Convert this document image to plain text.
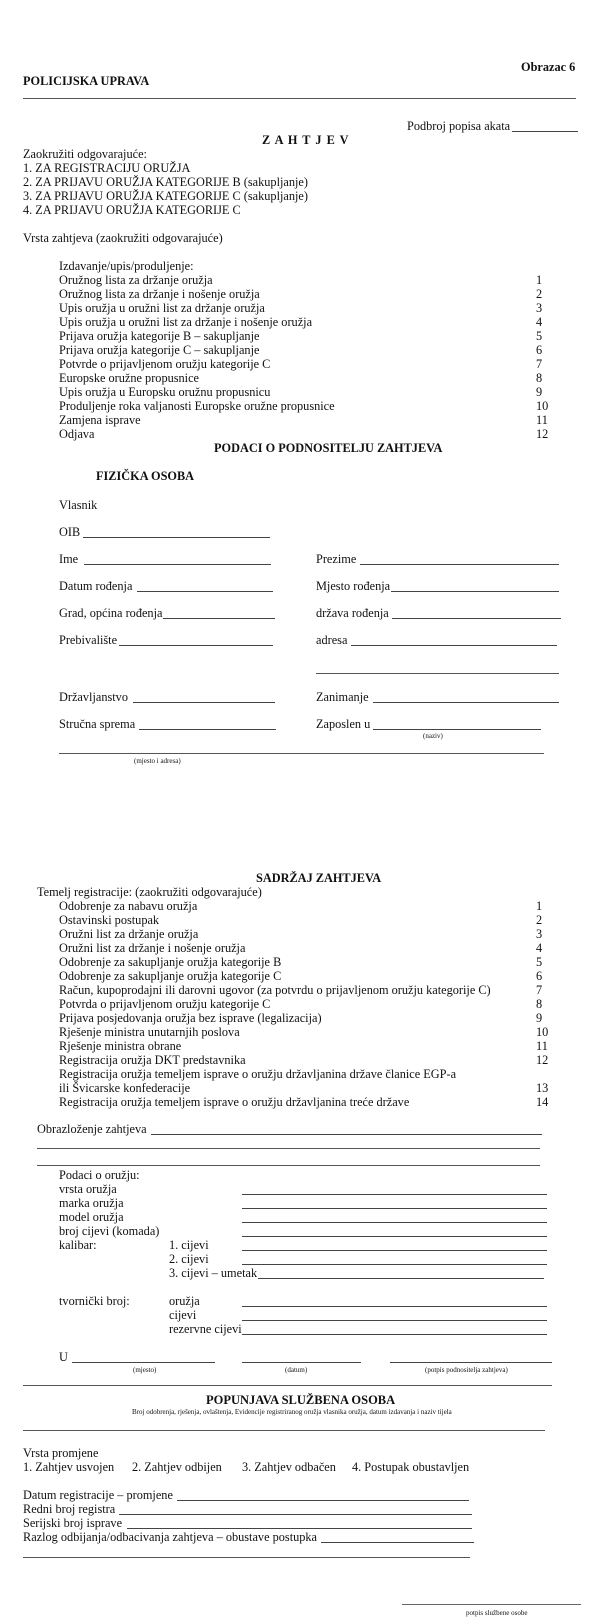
Obrazac 6
POLICIJSKA UPRAVA
Podbroj popisa akata
Z A H T J E V
Zaokružiti odgovarajuće:
1. ZA REGISTRACIJU ORUŽJA
2. ZA PRIJAVU ORUŽJA KATEGORIJE B (sakupljanje)
3. ZA PRIJAVU ORUŽJA KATEGORIJE C (sakupljanje)
4. ZA PRIJAVU ORUŽJA KATEGORIJE C
Vrsta zahtjeva (zaokružiti odgovarajuće)
Izdavanje/upis/produljenje:
Oružnog lista za držanje oružja	1
Oružnog lista za držanje i nošenje oružja	2
Upis oružja u oružni list za držanje oružja	3
Upis oružja u oružni list za držanje i nošenje oružja	4
Prijava oružja kategorije B – sakupljanje	5
Prijava oružja kategorije C – sakupljanje	6
Potvrde o prijavljenom oružju kategorije C	7
Europske oružne propusnice	8
Upis oružja u Europsku oružnu propusnicu	9
Produljenje roka valjanosti Europske oružne propusnice	10
Zamjena isprave	11
Odjava	12
PODACI O PODNOSITELJU ZAHTJEVA
FIZIČKA OSOBA
Vlasnik
OIB
Ime	Prezime
Datum rođenja	Mjesto rođenja
Grad, općina rođenja	država rođenja
Prebivalište	adresa
Državljanstvo	Zanimanje
Stručna sprema	Zaposlen u
(naziv)
(mjesto i adresa)
SADRŽAJ ZAHTJEVA
Temelj registracije: (zaokružiti odgovarajuće)
Odobrenje za nabavu oružja	1
Ostavinski postupak	2
Oružni list za držanje oružja	3
Oružni list za držanje i nošenje oružja	4
Odobrenje za sakupljanje oružja kategorije B	5
Odobrenje za sakupljanje oružja kategorije C	6
Račun, kupoprodajni ili darovni ugovor (za potvrdu o prijavljenom oružju kategorije C)	7
Potvrda o prijavljenom oružju kategorije C	8
Prijava posjedovanja oružja bez isprave (legalizacija)	9
Rješenje ministra unutarnjih poslova	10
Rješenje ministra obrane	11
Registracija oružja DKT predstavnika	12
Registracija oružja temeljem isprave o oružju državljanina države članice EGP-a
ili Švicarske konfederacije	13
Registracija oružja temeljem isprave o oružju državljanina treće države	14
Obrazloženje zahtjeva
Podaci o oružju:
vrsta oružja
marka oružja
model oružja
broj cijevi (komada)
kalibar:	1. cijevi
2. cijevi
3. cijevi – umetak
tvornički broj:	oružja
cijevi
rezervne cijevi
U
(mjesto)	(datum)	(potpis podnositelja zahtjeva)
POPUNJAVA SLUŽBENA OSOBA
Broj odobrenja, rješenja, ovlaštenja, Evidencije registriranog oružja vlasnika oružja, datum izdavanja i naziv tijela
Vrsta promjene
1. Zahtjev usvojen 2. Zahtjev odbijen 3. Zahtjev odbačen 4. Postupak obustavljen
Datum registracije – promjene
Redni broj registra
Serijski broj isprave
Razlog odbijanja/odbacivanja zahtjeva – obustave postupka
potpis službene osobe
